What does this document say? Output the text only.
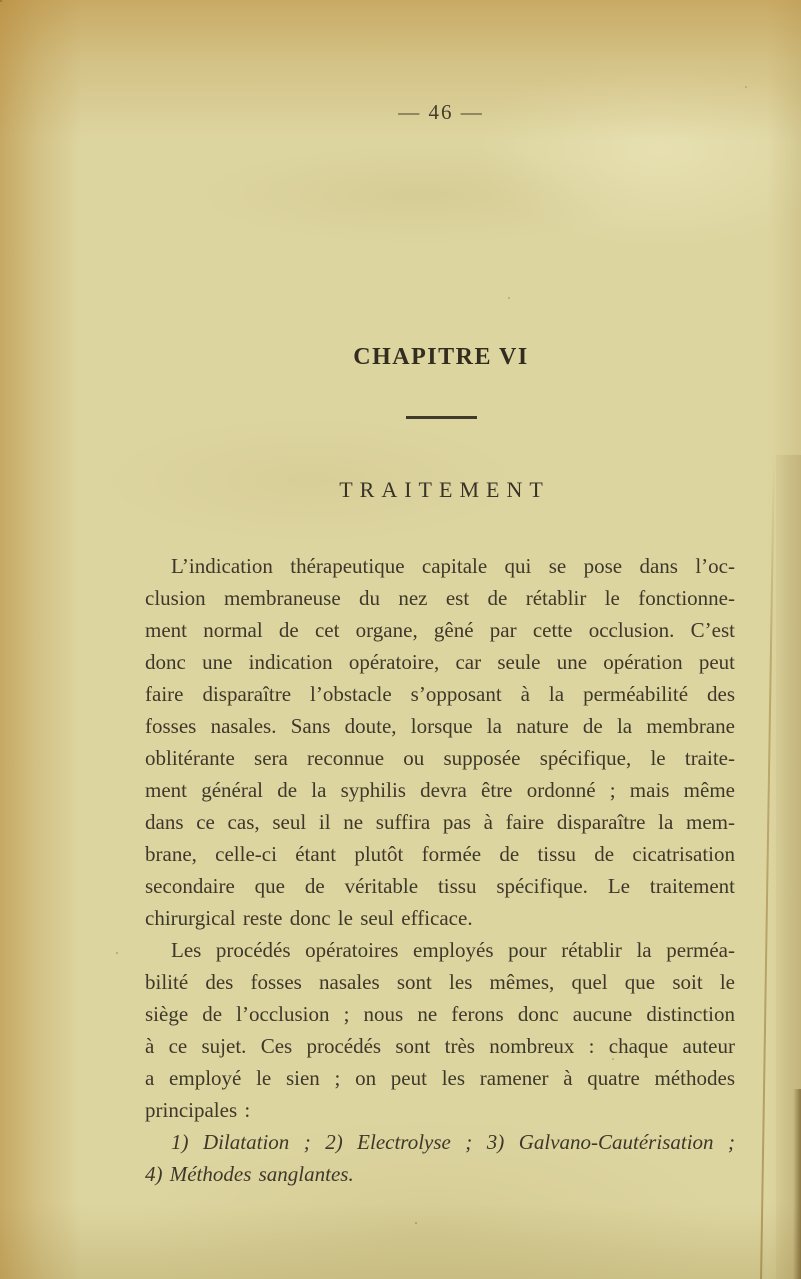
— 46 —
CHAPITRE VI
TRAITEMENT
L’indication thérapeutique capitale qui se pose dans l’oc-
clusion membraneuse du nez est de rétablir le fonctionne-
ment normal de cet organe, gêné par cette occlusion. C’est
donc une indication opératoire, car seule une opération peut
faire disparaître l’obstacle s’opposant à la perméabilité des
fosses nasales. Sans doute, lorsque la nature de la membrane
oblitérante sera reconnue ou supposée spécifique, le traite-
ment général de la syphilis devra être ordonné ; mais même
dans ce cas, seul il ne suffira pas à faire disparaître la mem-
brane, celle-ci étant plutôt formée de tissu de cicatrisation
secondaire que de véritable tissu spécifique. Le traitement
chirurgical reste donc le seul efficace.
Les procédés opératoires employés pour rétablir la perméa-
bilité des fosses nasales sont les mêmes, quel que soit le
siège de l’occlusion ; nous ne ferons donc aucune distinction
à ce sujet. Ces procédés sont très nombreux : chaque auteur
a employé le sien ; on peut les ramener à quatre méthodes
principales :
1) Dilatation ; 2) Electrolyse ; 3) Galvano-Cautérisation ;
4) Méthodes sanglantes.
